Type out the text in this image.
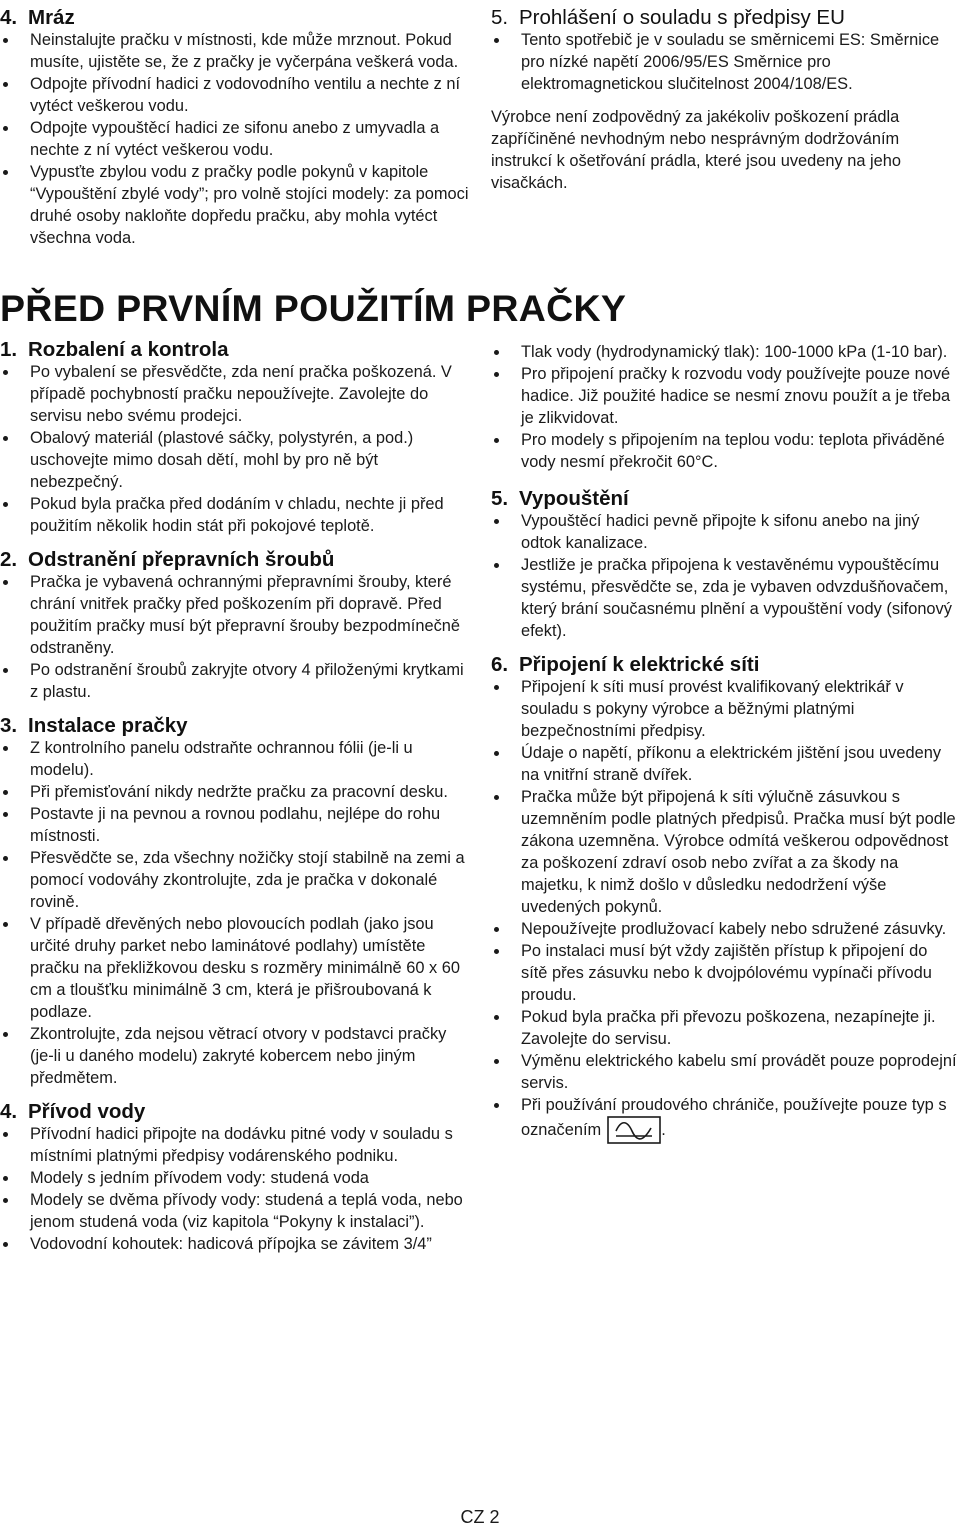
4. Mráz
Neinstalujte pračku v místnosti, kde může mrznout. Pokud musíte, ujistěte se, že z pračky je vyčerpána veškerá voda.
Odpojte přívodní hadici z vodovodního ventilu a nechte z ní vytéct veškerou vodu.
Odpojte vypouštěcí hadici ze sifonu anebo z umyvadla a nechte z ní vytéct veškerou vodu.
Vypusťte zbylou vodu z pračky podle pokynů v kapitole “Vypouštění zbylé vody”; pro volně stojíci modely: za pomoci druhé osoby nakloňte dopředu pračku, aby mohla vytéct všechna voda.
5. Prohlášení o souladu s předpisy EU
Tento spotřebič je v souladu se směrnicemi ES: Směrnice pro nízké napětí 2006/95/ES Směrnice pro elektromagnetickou slučitelnost 2004/108/ES.

Výrobce není zodpovědný za jakékoliv poškození prádla zapříčiněné nevhodným nebo nesprávným dodržováním instrukcí k ošetřování prádla, které jsou uvedeny na jeho visačkách.

PŘED PRVNÍM POUŽITÍM PRAČKY
1. Rozbalení a kontrola
Po vybalení se přesvědčte, zda není pračka poškozená. V případě pochybností pračku nepoužívejte. Zavolejte do servisu nebo svému prodejci.
Obalový materiál (plastové sáčky, polystyrén, a pod.) uschovejte mimo dosah dětí, mohl by pro ně být nebezpečný.
Pokud byla pračka před dodáním v chladu, nechte ji před použitím několik hodin stát při pokojové teplotě.
2. Odstranění přepravních šroubů
Pračka je vybavená ochrannými přepravními šrouby, které chrání vnitřek pračky před poškozením při dopravě. Před použitím pračky musí být přepravní šrouby bezpodmínečně odstraněny.
Po odstranění šroubů zakryjte otvory 4 přiloženými krytkami z plastu.
3. Instalace pračky
Z kontrolního panelu odstraňte ochrannou fólii (je-li u modelu).
Při přemisťování nikdy nedržte pračku za pracovní desku.
Postavte ji na pevnou a rovnou podlahu, nejlépe do rohu místnosti.
Přesvědčte se, zda všechny nožičky stojí stabilně na zemi a pomocí vodováhy zkontrolujte, zda je pračka v dokonalé rovině.
V případě dřevěných nebo plovoucích podlah (jako jsou určité druhy parket nebo laminátové podlahy) umístěte pračku na překližkovou desku s rozměry minimálně 60 x 60 cm a tloušťku minimálně 3 cm, která je přišroubovaná k podlaze.
Zkontrolujte, zda nejsou větrací otvory v podstavci pračky (je-li u daného modelu) zakryté kobercem nebo jiným předmětem.
4. Přívod vody
Přívodní hadici připojte na dodávku pitné vody v souladu s místními platnými předpisy vodárenského podniku.
Modely s jedním přívodem vody: studená voda
Modely se dvěma přívody vody: studená a teplá voda, nebo jenom studená voda (viz kapitola “Pokyny k instalaci”).
Vodovodní kohoutek: hadicová přípojka se závitem 3/4”
Tlak vody (hydrodynamický tlak): 100-1000 kPa (1-10 bar).
Pro připojení pračky k rozvodu vody používejte pouze nové hadice. Již použité hadice se nesmí znovu použít a je třeba je zlikvidovat.
Pro modely s připojením na teplou vodu: teplota přiváděné vody nesmí překročit 60°C.
5. Vypouštění
Vypouštěcí hadici pevně připojte k sifonu anebo na jiný odtok kanalizace.
Jestliže je pračka připojena k vestavěnému vypouštěcímu systému, přesvědčte se, zda je vybaven odvzdušňovačem, který brání současnému plnění a vypouštění vody (sifonový efekt).
6. Připojení k elektrické síti
Připojení k síti musí provést kvalifikovaný elektrikář v souladu s pokyny výrobce a běžnými platnými bezpečnostními předpisy.
Údaje o napětí, příkonu a elektrickém jištění jsou uvedeny na vnitřní straně dvířek.
Pračka může být připojená k síti výlučně zásuvkou s uzemněním podle platných předpisů. Pračka musí být podle zákona uzemněna. Výrobce odmítá veškerou odpovědnost za poškození zdraví osob nebo zvířat a za škody na majetku, k nimž došlo v důsledku nedodržení výše uvedených pokynů.
Nepoužívejte prodlužovací kabely nebo sdružené zásuvky.
Po instalaci musí být vždy zajištěn přístup k připojení do sítě přes zásuvku nebo k dvojpólovému vypínači přívodu proudu.
Pokud byla pračka při převozu poškozena, nezapínejte ji. Zavolejte do servisu.
Výměnu elektrického kabelu smí provádět pouze poprodejní servis.
Při používání proudového chrániče, používejte pouze typ s označením	.
CZ 2
